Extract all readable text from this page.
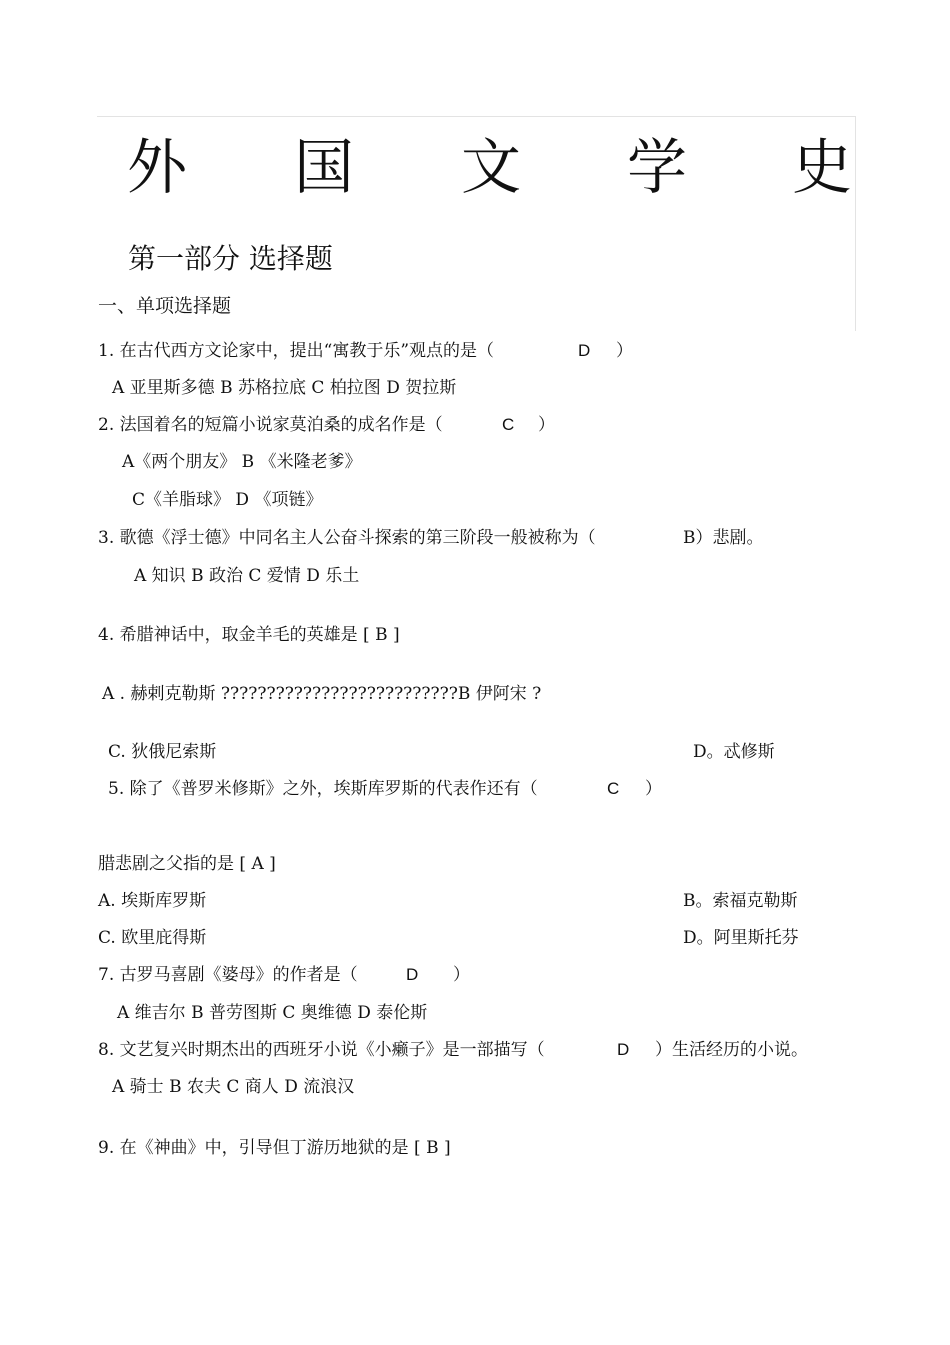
外 国 文 学 史
第一部分 选择题
一、单项选择题
1. 在古代西方文论家中，提出“寓教于乐”观点的是（	D ）
A 亚里斯多德 B 苏格拉底 C 柏拉图 D 贺拉斯
2. 法国着名的短篇小说家莫泊桑的成名作是（	C ）
A《两个朋友》 B 《米隆老爹》
C《羊脂球》 D 《项链》
3. 歌德《浮士德》中同名主人公奋斗探索的第三阶段一般被称为（	B）悲剧。
A 知识 B 政治 C 爱情 D 乐土
4. 希腊神话中，取金羊毛的英雄是 [ B ]
A . 赫剌克勒斯 ??????????????????????????B 伊阿宋 ?
C. 狄俄尼索斯	D。忒修斯
5. 除了《普罗米修斯》之外，埃斯库罗斯的代表作还有（	C ）
腊悲剧之父指的是 [ A ]
A. 埃斯库罗斯	B。索福克勒斯
C. 欧里庇得斯	D。阿里斯托芬
7. 古罗马喜剧《婆母》的作者是（	D ）
A 维吉尔 B 普劳图斯 C 奥维德 D 泰伦斯
8. 文艺复兴时期杰出的西班牙小说《小癞子》是一部描写（	D ）生活经历的小说。
A 骑士 B 农夫 C 商人 D 流浪汉
9. 在《神曲》中，引导但丁游历地狱的是 [ B ]
